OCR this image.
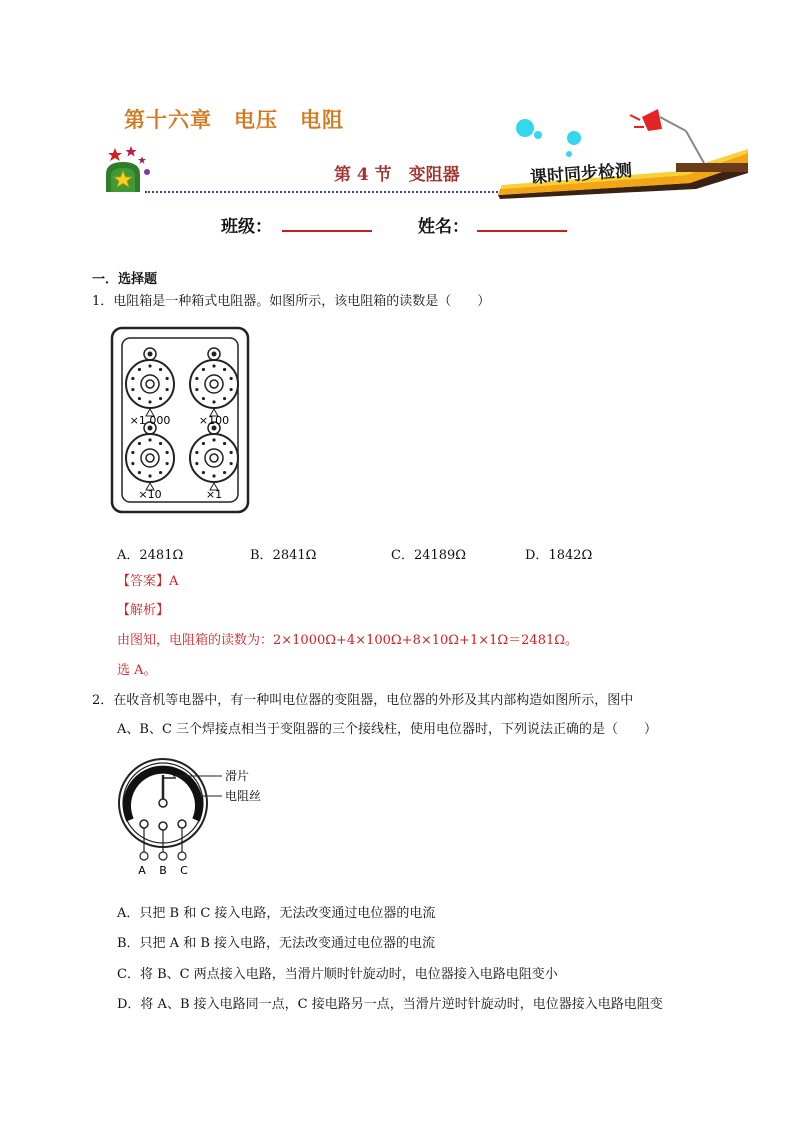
第十六章　电压　电阻
第 4 节　变阻器	课时同步检测
班级：	姓名：
一．选择题
1．电阻箱是一种箱式电阻器。如图所示，该电阻箱的读数是（　　）
×1 000	×100
×10	×1
A．2481Ω	B．2841Ω	C．24189Ω	D．1842Ω
【答案】A
【解析】
由图知，电阻箱的读数为：2×1000Ω+4×100Ω+8×10Ω+1×1Ω＝2481Ω。
选 A。
2．在收音机等电器中，有一种叫电位器的变阻器，电位器的外形及其内部构造如图所示，图中
A、B、C 三个焊接点相当于变阻器的三个接线柱，使用电位器时，下列说法正确的是（　　）
滑片
电阻丝
A B C
A．只把 B 和 C 接入电路，无法改变通过电位器的电流
B．只把 A 和 B 接入电路，无法改变通过电位器的电流
C．将 B、C 两点接入电路，当滑片顺时针旋动时，电位器接入电路电阻变小
D．将 A、B 接入电路同一点，C 接电路另一点，当滑片逆时针旋动时，电位器接入电路电阻变
